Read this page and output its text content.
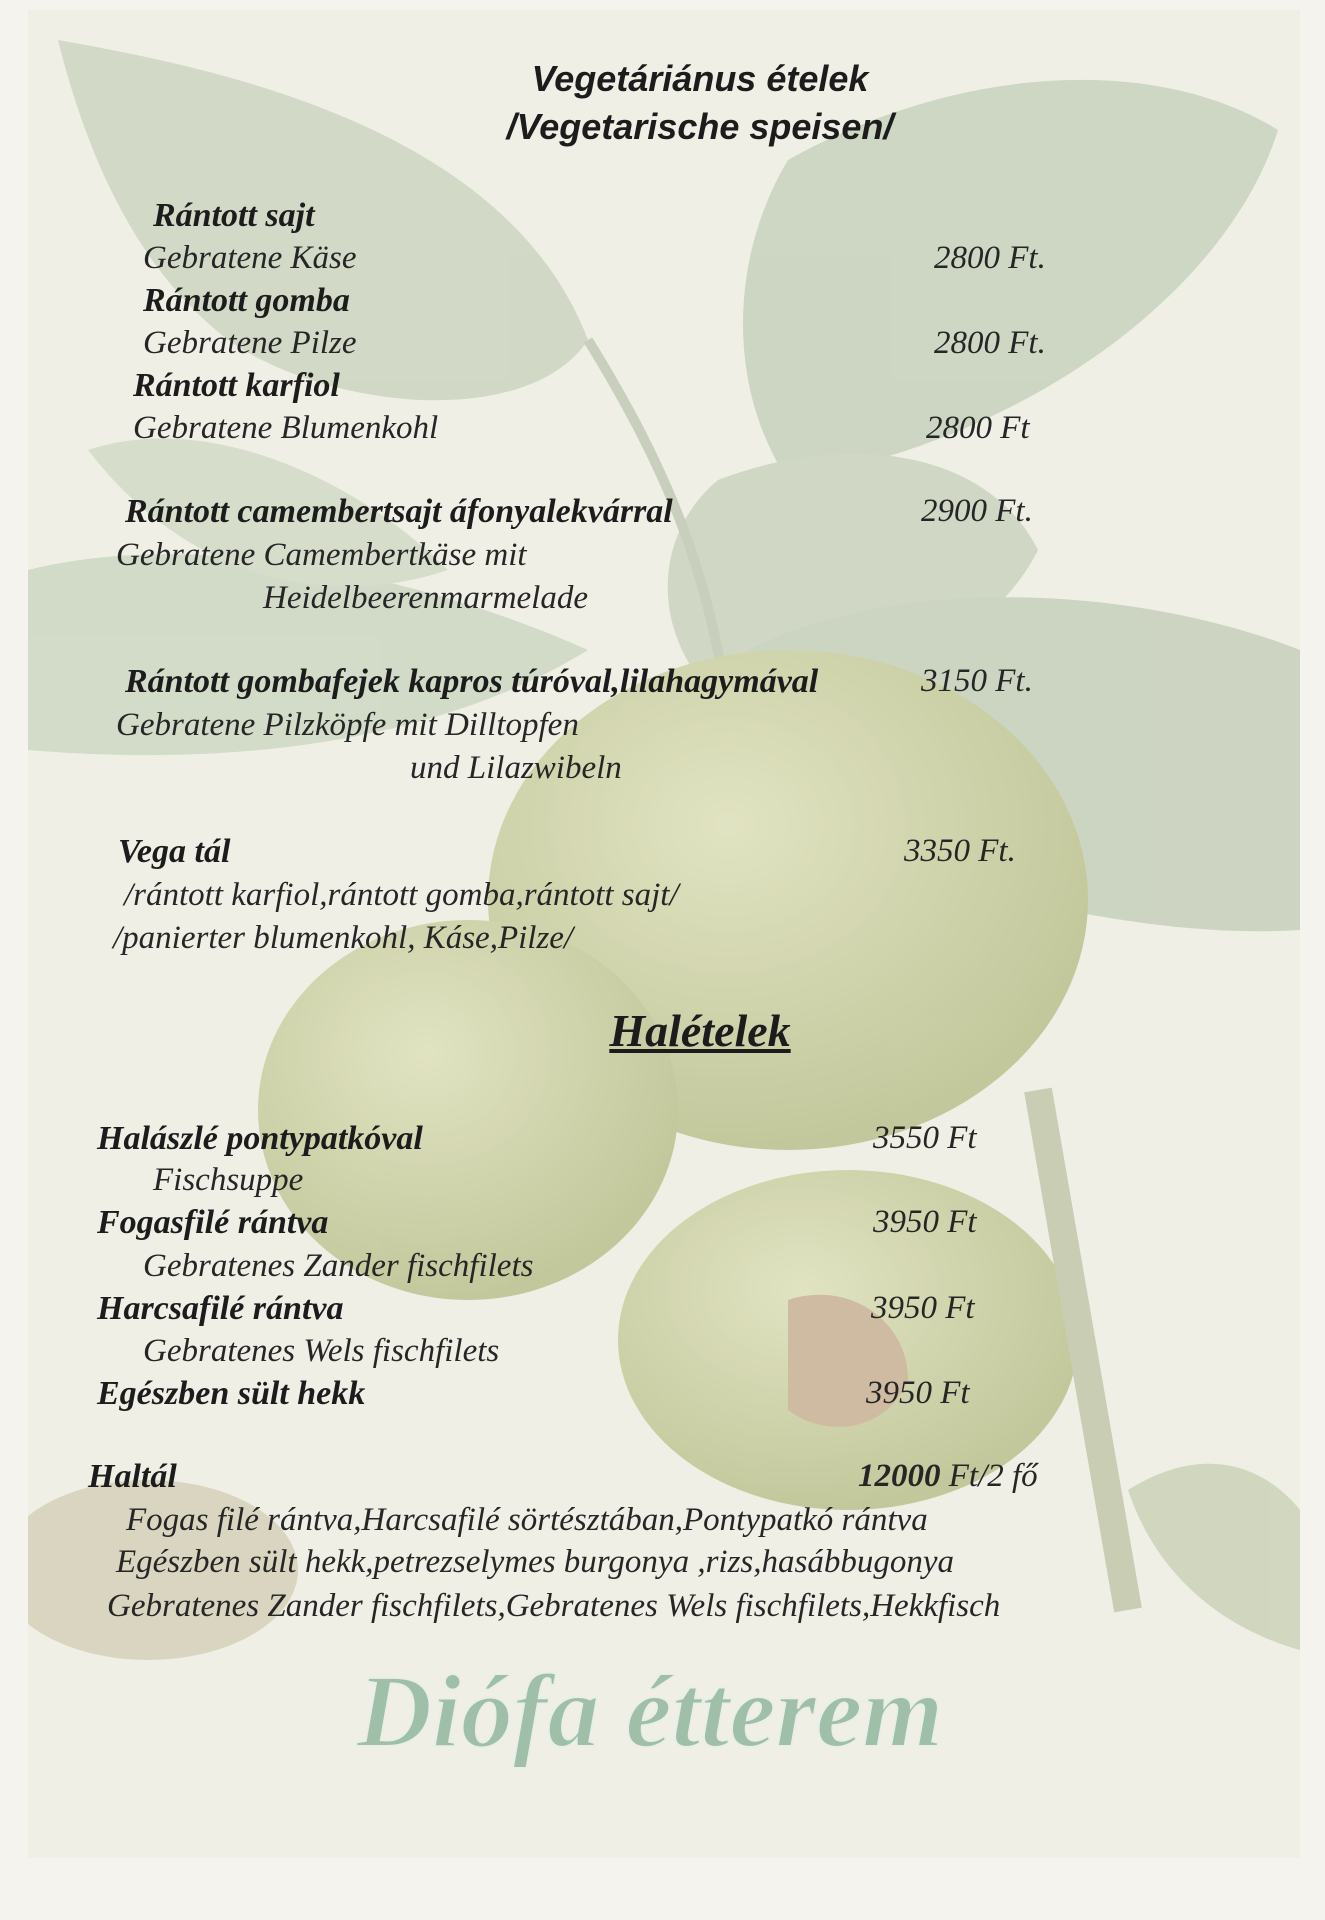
Vegetáriánus ételek
/Vegetarische speisen/
Rántott sajt
Gebratene Käse	2800 Ft.
Rántott gomba
Gebratene Pilze	2800 Ft.
Rántott karfiol
Gebratene Blumenkohl	2800 Ft
Rántott camembertsajt áfonyalekvárral	2900 Ft.
Gebratene Camembertkäse mit
Heidelbeerenmarmelade
Rántott gombafejek kapros túróval,lilahagymával	3150 Ft.
Gebratene Pilzköpfe mit Dilltopfen
und Lilazwibeln
Vega tál	3350 Ft.
/rántott karfiol,rántott gomba,rántott sajt/
/panierter blumenkohl, Káse,Pilze/
Halételek
Halászlé pontypatkóval	3550 Ft
Fischsuppe
Fogasfilé rántva	3950 Ft
Gebratenes Zander fischfilets
Harcsafilé rántva	3950 Ft
Gebratenes Wels fischfilets
Egészben sült hekk	3950 Ft
Haltál	12000 Ft/2 fő
Fogas filé rántva,Harcsafilé sörtésztában,Pontypatkó rántva
Egészben sült hekk,petrezselymes burgonya ,rizs,hasábbugonya
Gebratenes Zander fischfilets,Gebratenes Wels fischfilets,Hekkfisch
Diófa étterem
